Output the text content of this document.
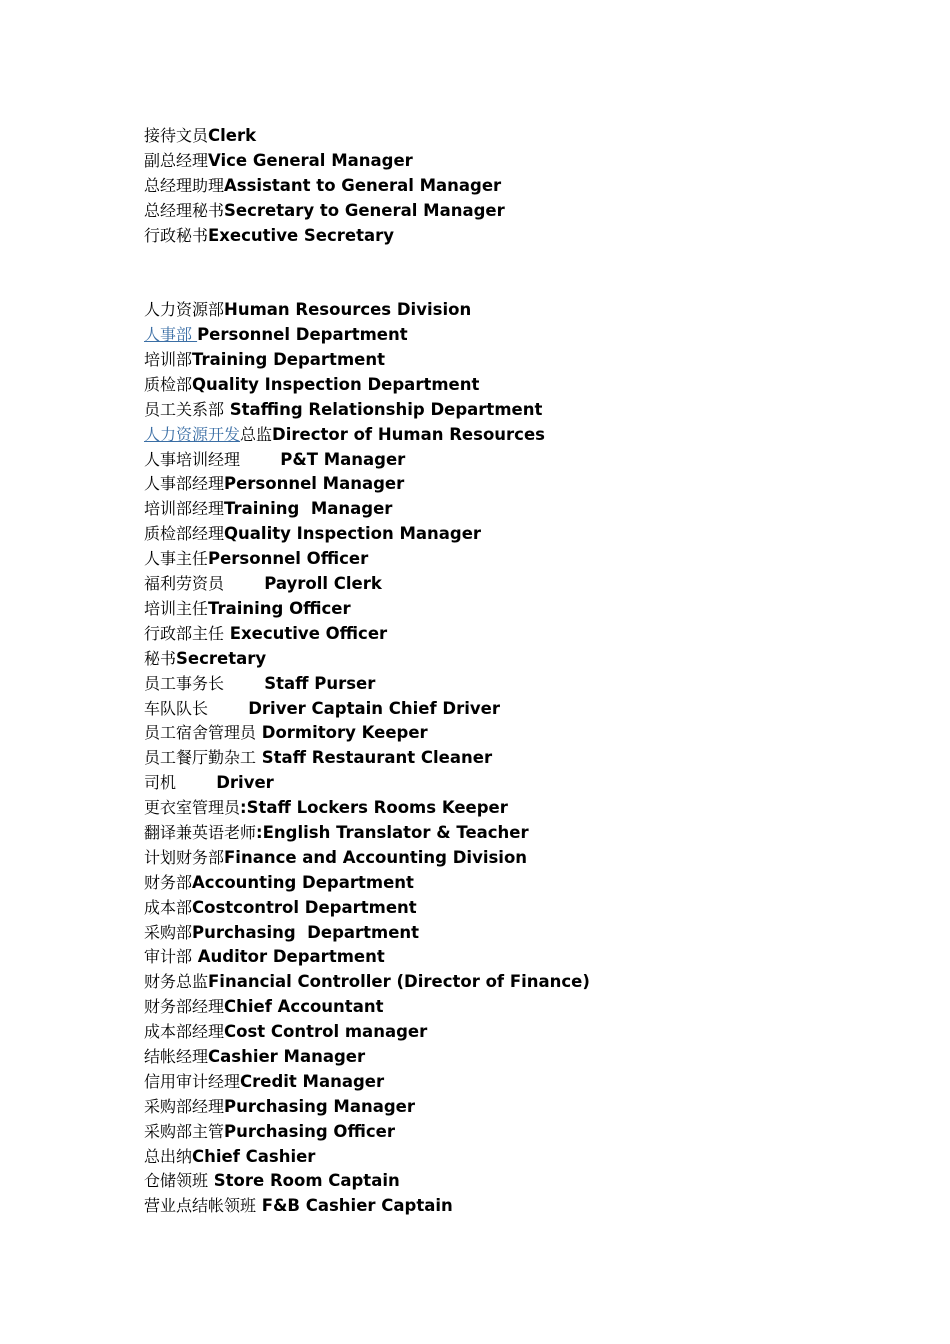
接待文员Clerk
副总经理Vice General Manager
总经理助理Assistant to General Manager
总经理秘书Secretary to General Manager
行政秘书Executive Secretary
人力资源部Human Resources Division
人事部 Personnel Department
培训部Training Department
质检部Quality Inspection Department
员工关系部 Staffing Relationship Department
人力资源开发总监Director of Human Resources
人事培训经理       P&T Manager
人事部经理Personnel Manager
培训部经理Training  Manager
质检部经理Quality Inspection Manager
人事主任Personnel Officer
福利劳资员       Payroll Clerk
培训主任Training Officer
行政部主任 Executive Officer
秘书Secretary
员工事务长       Staff Purser
车队队长       Driver Captain Chief Driver
员工宿舍管理员 Dormitory Keeper
员工餐厅勤杂工 Staff Restaurant Cleaner
司机       Driver
更衣室管理员:Staff Lockers Rooms Keeper
翻译兼英语老师:English Translator & Teacher
计划财务部Finance and Accounting Division
财务部Accounting Department
成本部Costcontrol Department
采购部Purchasing  Department
审计部 Auditor Department
财务总监Financial Controller (Director of Finance)
财务部经理Chief Accountant
成本部经理Cost Control manager
结帐经理Cashier Manager
信用审计经理Credit Manager
采购部经理Purchasing Manager
采购部主管Purchasing Officer
总出纳Chief Cashier
仓储领班 Store Room Captain
营业点结帐领班 F&B Cashier Captain
